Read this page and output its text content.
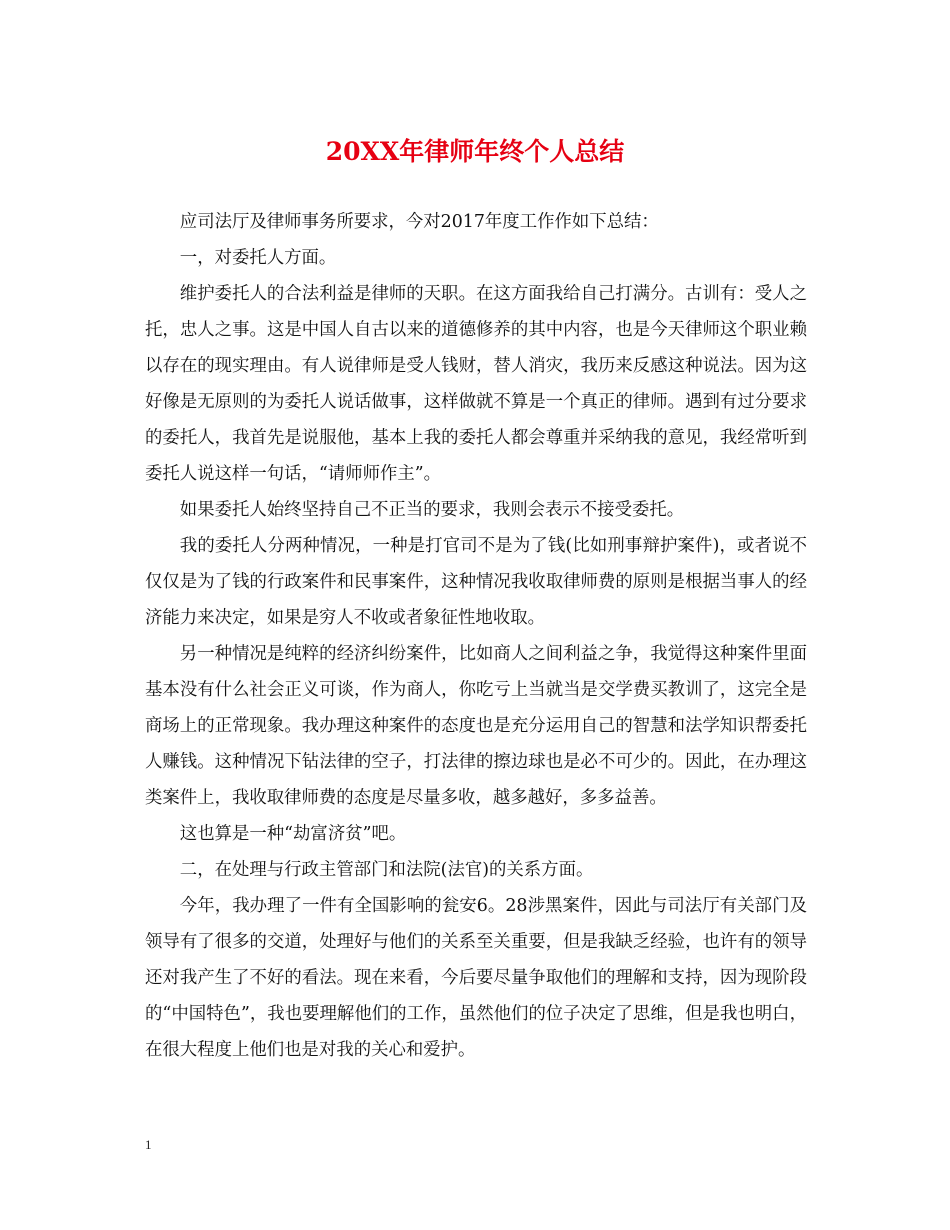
20XX年律师年终个人总结

应司法厅及律师事务所要求，今对2017年度工作作如下总结：

一，对委托人方面。

维护委托人的合法利益是律师的天职。在这方面我给自己打满分。古训有：受人之托，忠人之事。这是中国人自古以来的道德修养的其中内容，也是今天律师这个职业赖以存在的现实理由。有人说律师是受人钱财，替人消灾，我历来反感这种说法。因为这好像是无原则的为委托人说话做事，这样做就不算是一个真正的律师。遇到有过分要求的委托人，我首先是说服他，基本上我的委托人都会尊重并采纳我的意见，我经常听到委托人说这样一句话，“请师师作主”。

如果委托人始终坚持自己不正当的要求，我则会表示不接受委托。

我的委托人分两种情况，一种是打官司不是为了钱(比如刑事辩护案件)，或者说不仅仅是为了钱的行政案件和民事案件，这种情况我收取律师费的原则是根据当事人的经济能力来决定，如果是穷人不收或者象征性地收取。

另一种情况是纯粹的经济纠纷案件，比如商人之间利益之争，我觉得这种案件里面基本没有什么社会正义可谈，作为商人，你吃亏上当就当是交学费买教训了，这完全是商场上的正常现象。我办理这种案件的态度也是充分运用自己的智慧和法学知识帮委托人赚钱。这种情况下钻法律的空子，打法律的擦边球也是必不可少的。因此，在办理这类案件上，我收取律师费的态度是尽量多收，越多越好，多多益善。

这也算是一种“劫富济贫”吧。

二，在处理与行政主管部门和法院(法官)的关系方面。

今年，我办理了一件有全国影响的瓮安6。28涉黑案件，因此与司法厅有关部门及领导有了很多的交道，处理好与他们的关系至关重要，但是我缺乏经验，也许有的领导还对我产生了不好的看法。现在来看，今后要尽量争取他们的理解和支持，因为现阶段的“中国特色”，我也要理解他们的工作，虽然他们的位子决定了思维，但是我也明白，在很大程度上他们也是对我的关心和爱护。

1
